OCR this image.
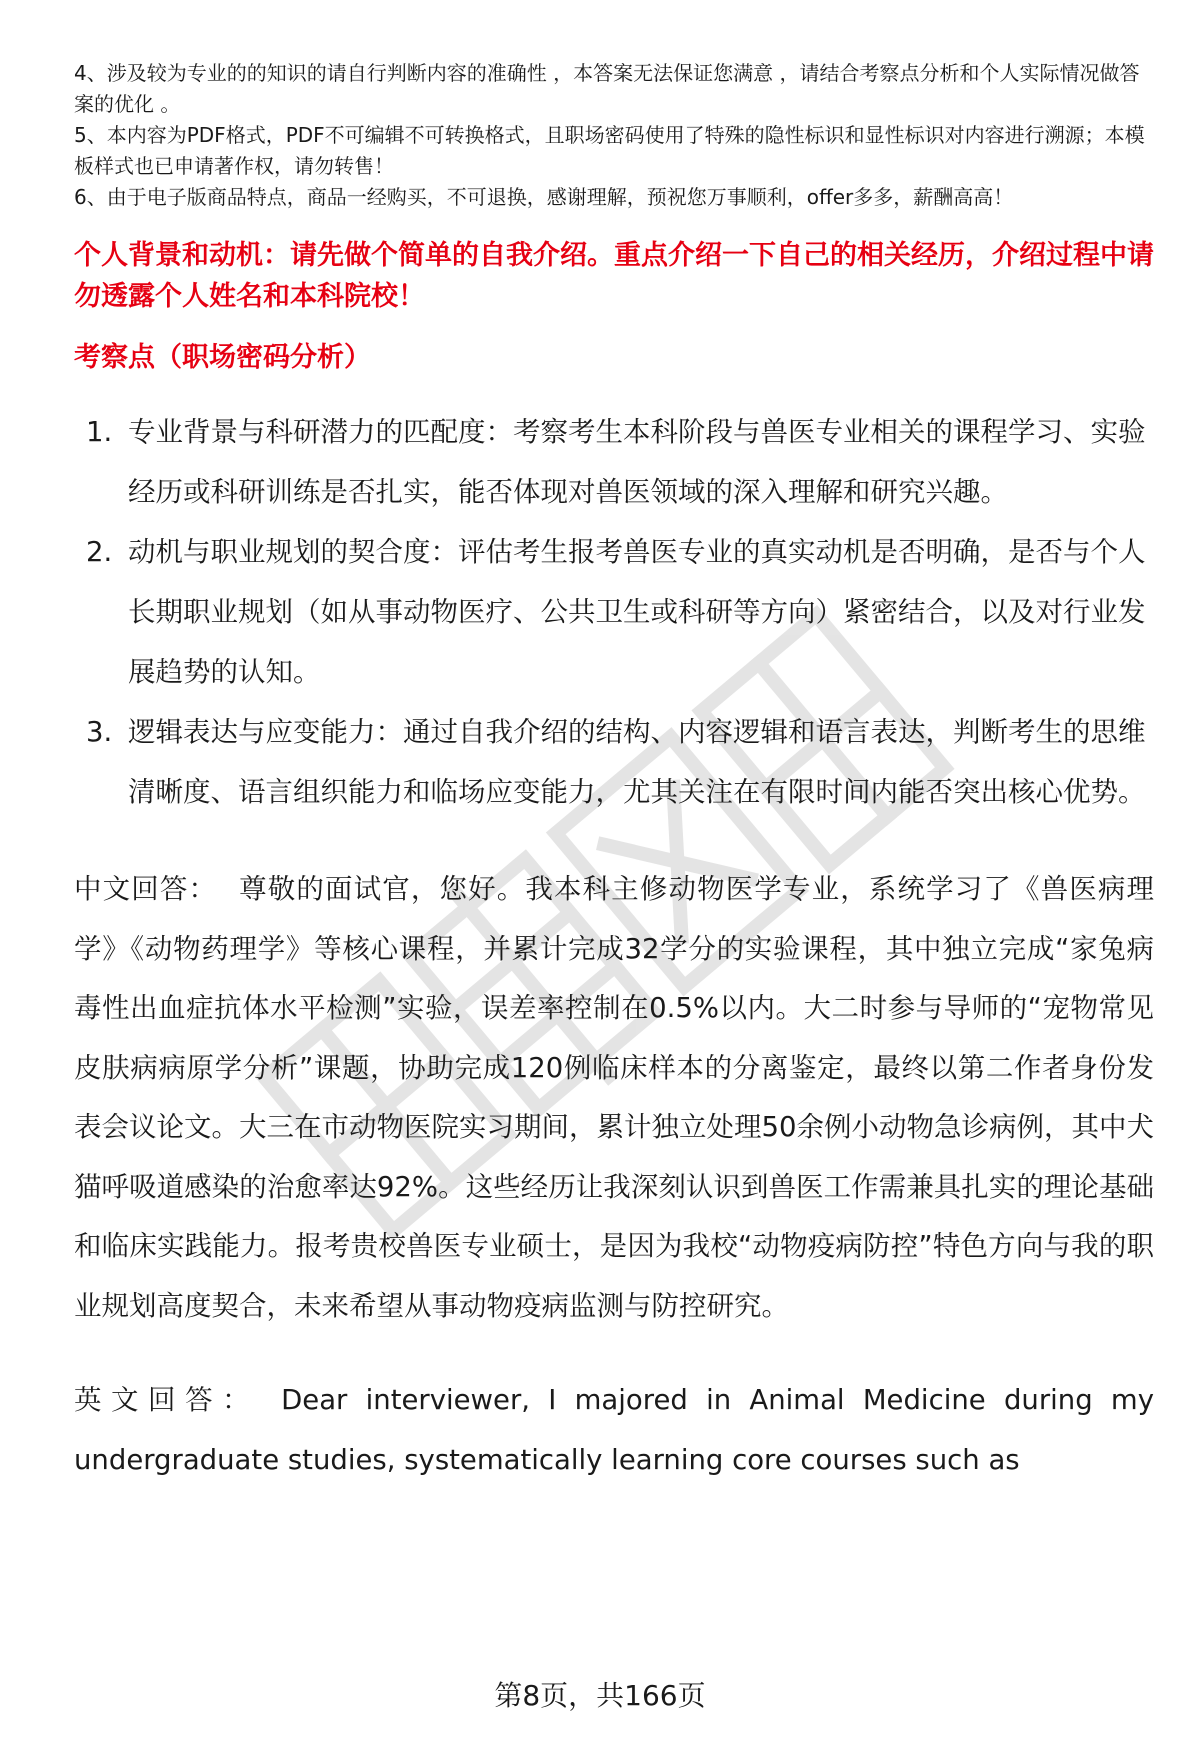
4、涉及较为专业的的知识的请自行判断内容的准确性 ，本答案无法保证您满意 ，请结合考察点分析和个人实际情况做答案的优化 。

5、本内容为PDF格式，PDF不可编辑不可转换格式，且职场密码使用了特殊的隐性标识和显性标识对内容进行溯源；本模板样式也已申请著作权，请勿转售！

6、由于电子版商品特点，商品一经购买，不可退换，感谢理解，预祝您万事顺利，offer多多，薪酬高高！

个人背景和动机：请先做个简单的自我介绍。重点介绍一下自己的相关经历，介绍过程中请勿透露个人姓名和本科院校！

考察点（职场密码分析）

1. 专业背景与科研潜力的匹配度：考察考生本科阶段与兽医专业相关的课程学习、实验经历或科研训练是否扎实，能否体现对兽医领域的深入理解和研究兴趣。
2. 动机与职业规划的契合度：评估考生报考兽医专业的真实动机是否明确，是否与个人长期职业规划（如从事动物医疗、公共卫生或科研等方向）紧密结合，以及对行业发展趋势的认知。
3. 逻辑表达与应变能力：通过自我介绍的结构、内容逻辑和语言表达，判断考生的思维清晰度、语言组织能力和临场应变能力，尤其关注在有限时间内能否突出核心优势。

中文回答： 尊敬的面试官，您好。我本科主修动物医学专业，系统学习了《兽医病理学》《动物药理学》等核心课程，并累计完成32学分的实验课程，其中独立完成“家兔病毒性出血症抗体水平检测”实验，误差率控制在0.5%以内。大二时参与导师的“宠物常见皮肤病病原学分析”课题，协助完成120例临床样本的分离鉴定，最终以第二作者身份发表会议论文。大三在市动物医院实习期间，累计独立处理50余例小动物急诊病例，其中犬猫呼吸道感染的治愈率达92%。这些经历让我深刻认识到兽医工作需兼具扎实的理论基础和临床实践能力。报考贵校兽医专业硕士，是因为我校“动物疫病防控”特色方向与我的职业规划高度契合，未来希望从事动物疫病监测与防控研究。

英文回答： Dear interviewer, I majored in Animal Medicine during my undergraduate studies, systematically learning core courses such as

第8页，共166页
